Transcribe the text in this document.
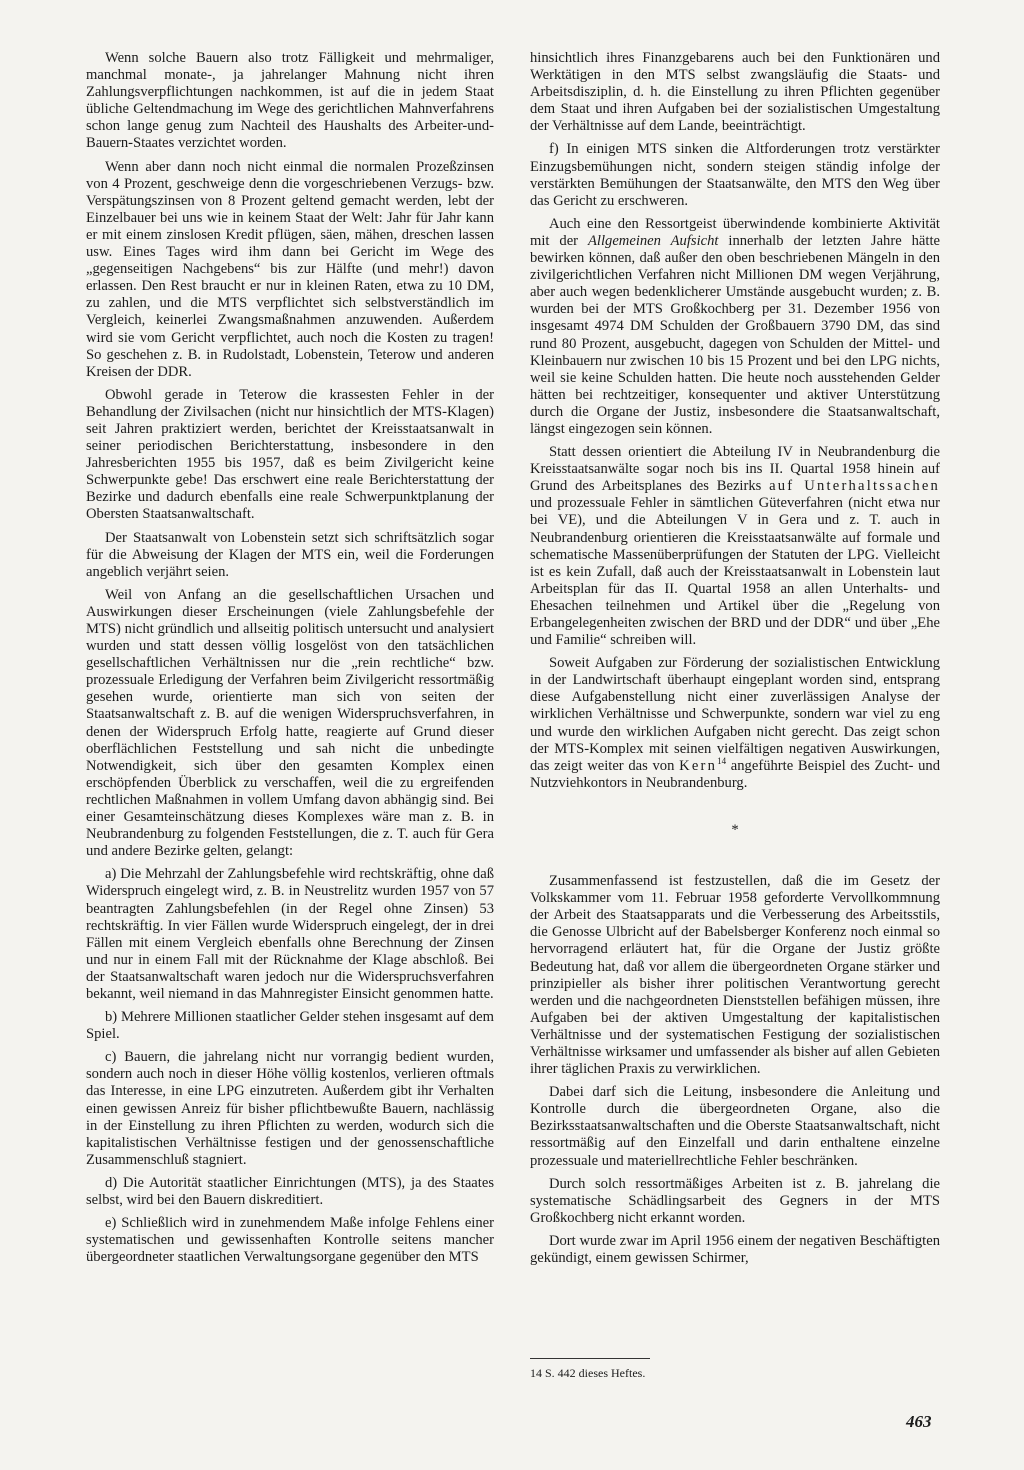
Wenn solche Bauern also trotz Fälligkeit und mehrmaliger, manchmal monate-, ja jahrelanger Mahnung nicht ihren Zahlungsverpflichtungen nachkommen, ist auf die in jedem Staat übliche Geltendmachung im Wege des gerichtlichen Mahnverfahrens schon lange genug zum Nachteil des Haushalts des Arbeiter-und-Bauern-Staates verzichtet worden.

Wenn aber dann noch nicht einmal die normalen Prozeßzinsen von 4 Prozent, geschweige denn die vorgeschriebenen Verzugs- bzw. Verspätungszinsen von 8 Prozent geltend gemacht werden, lebt der Einzelbauer bei uns wie in keinem Staat der Welt: Jahr für Jahr kann er mit einem zinslosen Kredit pflügen, säen, mähen, dreschen lassen usw. Eines Tages wird ihm dann bei Gericht im Wege des „gegenseitigen Nachgebens“ bis zur Hälfte (und mehr!) davon erlassen. Den Rest braucht er nur in kleinen Raten, etwa zu 10 DM, zu zahlen, und die MTS verpflichtet sich selbstverständlich im Vergleich, keinerlei Zwangsmaßnahmen anzuwenden. Außerdem wird sie vom Gericht verpflichtet, auch noch die Kosten zu tragen! So geschehen z. B. in Rudolstadt, Lobenstein, Teterow und anderen Kreisen der DDR.

Obwohl gerade in Teterow die krassesten Fehler in der Behandlung der Zivilsachen (nicht nur hinsichtlich der MTS-Klagen) seit Jahren praktiziert werden, berichtet der Kreisstaatsanwalt in seiner periodischen Berichterstattung, insbesondere in den Jahresberichten 1955 bis 1957, daß es beim Zivilgericht keine Schwerpunkte gebe! Das erschwert eine reale Berichterstattung der Bezirke und dadurch ebenfalls eine reale Schwerpunktplanung der Obersten Staatsanwaltschaft.

Der Staatsanwalt von Lobenstein setzt sich schriftsätzlich sogar für die Abweisung der Klagen der MTS ein, weil die Forderungen angeblich verjährt seien.

Weil von Anfang an die gesellschaftlichen Ursachen und Auswirkungen dieser Erscheinungen (viele Zahlungsbefehle der MTS) nicht gründlich und allseitig politisch untersucht und analysiert wurden und statt dessen völlig losgelöst von den tatsächlichen gesellschaftlichen Verhältnissen nur die „rein rechtliche“ bzw. prozessuale Erledigung der Verfahren beim Zivilgericht ressortmäßig gesehen wurde, orientierte man sich von seiten der Staatsanwaltschaft z. B. auf die wenigen Widerspruchsverfahren, in denen der Widerspruch Erfolg hatte, reagierte auf Grund dieser oberflächlichen Feststellung und sah nicht die unbedingte Notwendigkeit, sich über den gesamten Komplex einen erschöpfenden Überblick zu verschaffen, weil die zu ergreifenden rechtlichen Maßnahmen in vollem Umfang davon abhängig sind. Bei einer Gesamteinschätzung dieses Komplexes wäre man z. B. in Neubrandenburg zu folgenden Feststellungen, die z. T. auch für Gera und andere Bezirke gelten, gelangt:

a) Die Mehrzahl der Zahlungsbefehle wird rechtskräftig, ohne daß Widerspruch eingelegt wird, z. B. in Neustrelitz wurden 1957 von 57 beantragten Zahlungsbefehlen (in der Regel ohne Zinsen) 53 rechtskräftig. In vier Fällen wurde Widerspruch eingelegt, der in drei Fällen mit einem Vergleich ebenfalls ohne Berechnung der Zinsen und nur in einem Fall mit der Rücknahme der Klage abschloß. Bei der Staatsanwaltschaft waren jedoch nur die Widerspruchsverfahren bekannt, weil niemand in das Mahnregister Einsicht genommen hatte.

b) Mehrere Millionen staatlicher Gelder stehen insgesamt auf dem Spiel.

c) Bauern, die jahrelang nicht nur vorrangig bedient wurden, sondern auch noch in dieser Höhe völlig kostenlos, verlieren oftmals das Interesse, in eine LPG einzutreten. Außerdem gibt ihr Verhalten einen gewissen Anreiz für bisher pflichtbewußte Bauern, nachlässig in der Einstellung zu ihren Pflichten zu werden, wodurch sich die kapitalistischen Verhältnisse festigen und der genossenschaftliche Zusammenschluß stagniert.

d) Die Autorität staatlicher Einrichtungen (MTS), ja des Staates selbst, wird bei den Bauern diskreditiert.

e) Schließlich wird in zunehmendem Maße infolge Fehlens einer systematischen und gewissenhaften Kontrolle seitens mancher übergeordneter staatlichen Verwaltungsorgane gegenüber den MTS

hinsichtlich ihres Finanzgebarens auch bei den Funktionären und Werktätigen in den MTS selbst zwangsläufig die Staats- und Arbeitsdisziplin, d. h. die Einstellung zu ihren Pflichten gegenüber dem Staat und ihren Aufgaben bei der sozialistischen Umgestaltung der Verhältnisse auf dem Lande, beeinträchtigt.

f) In einigen MTS sinken die Altforderungen trotz verstärkter Einzugsbemühungen nicht, sondern steigen ständig infolge der verstärkten Bemühungen der Staatsanwälte, den MTS den Weg über das Gericht zu erschweren.

Auch eine den Ressortgeist überwindende kombinierte Aktivität mit der Allgemeinen Aufsicht innerhalb der letzten Jahre hätte bewirken können, daß außer den oben beschriebenen Mängeln in den zivilgerichtlichen Verfahren nicht Millionen DM wegen Verjährung, aber auch wegen bedenklicherer Umstände ausgebucht wurden; z. B. wurden bei der MTS Großkochberg per 31. Dezember 1956 von insgesamt 4974 DM Schulden der Großbauern 3790 DM, das sind rund 80 Prozent, ausgebucht, dagegen von Schulden der Mittel- und Kleinbauern nur zwischen 10 bis 15 Prozent und bei den LPG nichts, weil sie keine Schulden hatten. Die heute noch ausstehenden Gelder hätten bei rechtzeitiger, konsequenter und aktiver Unterstützung durch die Organe der Justiz, insbesondere die Staatsanwaltschaft, längst eingezogen sein können.

Statt dessen orientiert die Abteilung IV in Neubrandenburg die Kreisstaatsanwälte sogar noch bis ins II. Quartal 1958 hinein auf Grund des Arbeitsplanes des Bezirks auf Unterhaltssachen und prozessuale Fehler in sämtlichen Güteverfahren (nicht etwa nur bei VE), und die Abteilungen V in Gera und z. T. auch in Neubrandenburg orientieren die Kreisstaatsanwälte auf formale und schematische Massenüberprüfungen der Statuten der LPG. Vielleicht ist es kein Zufall, daß auch der Kreisstaatsanwalt in Lobenstein laut Arbeitsplan für das II. Quartal 1958 an allen Unterhalts- und Ehesachen teilnehmen und Artikel über die „Regelung von Erbangelegenheiten zwischen der BRD und der DDR“ und über „Ehe und Familie“ schreiben will.

Soweit Aufgaben zur Förderung der sozialistischen Entwicklung in der Landwirtschaft überhaupt eingeplant worden sind, entsprang diese Aufgabenstellung nicht einer zuverlässigen Analyse der wirklichen Verhältnisse und Schwerpunkte, sondern war viel zu eng und wurde den wirklichen Aufgaben nicht gerecht. Das zeigt schon der MTS-Komplex mit seinen vielfältigen negativen Auswirkungen, das zeigt weiter das von Kern$^{14}$ angeführte Beispiel des Zucht- und Nutzviehkontors in Neubrandenburg.

*

Zusammenfassend ist festzustellen, daß die im Gesetz der Volkskammer vom 11. Februar 1958 geforderte Vervollkommnung der Arbeit des Staatsapparats und die Verbesserung des Arbeitsstils, die Genosse Ulbricht auf der Babelsberger Konferenz noch einmal so hervorragend erläutert hat, für die Organe der Justiz größte Bedeutung hat, daß vor allem die übergeordneten Organe stärker und prinzipieller als bisher ihrer politischen Verantwortung gerecht werden und die nachgeordneten Dienststellen befähigen müssen, ihre Aufgaben bei der aktiven Umgestaltung der kapitalistischen Verhältnisse und der systematischen Festigung der sozialistischen Verhältnisse wirksamer und umfassender als bisher auf allen Gebieten ihrer täglichen Praxis zu verwirklichen.

Dabei darf sich die Leitung, insbesondere die Anleitung und Kontrolle durch die übergeordneten Organe, also die Bezirksstaatsanwaltschaften und die Oberste Staatsanwaltschaft, nicht ressortmäßig auf den Einzelfall und darin enthaltene einzelne prozessuale und materiellrechtliche Fehler beschränken.

Durch solch ressortmäßiges Arbeiten ist z. B. jahrelang die systematische Schädlingsarbeit des Gegners in der MTS Großkochberg nicht erkannt worden.

Dort wurde zwar im April 1956 einem der negativen Beschäftigten gekündigt, einem gewissen Schirmer,

14 S. 442 dieses Heftes.
463
